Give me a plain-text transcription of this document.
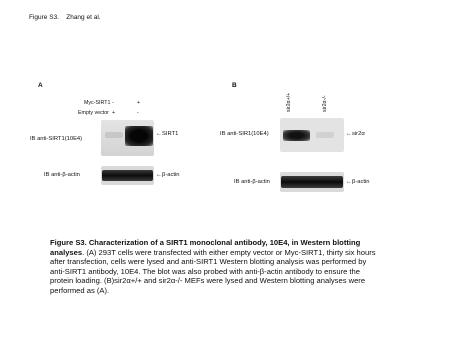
Figure S3. Zhang et al.
A
Myc-SIRT1 -	+
Empty vector +	-
IB anti-SIRT1(10E4)
←SIRT1
IB anti-β-actin	←β-actin
B
sir2α+/+	sir2α-/-
IB anti-SIR1(10E4)	←sir2α
IB anti-β-actin	←β-actin
Figure S3. Characterization of a SIRT1 monoclonal antibody, 10E4, in Western blotting analyses. (A) 293T cells were transfected with either empty vector or Myc-SIRT1, thirty six hours after transfection, cells were lysed and anti-SIRT1 Western blotting analysis was performed by anti-SIRT1 antibody, 10E4. The blot was also probed with anti-β-actin antibody to ensure the protein loading. (B)sir2α+/+ and sir2α-/- MEFs were lysed and Western blotting analyses were performed as (A).
